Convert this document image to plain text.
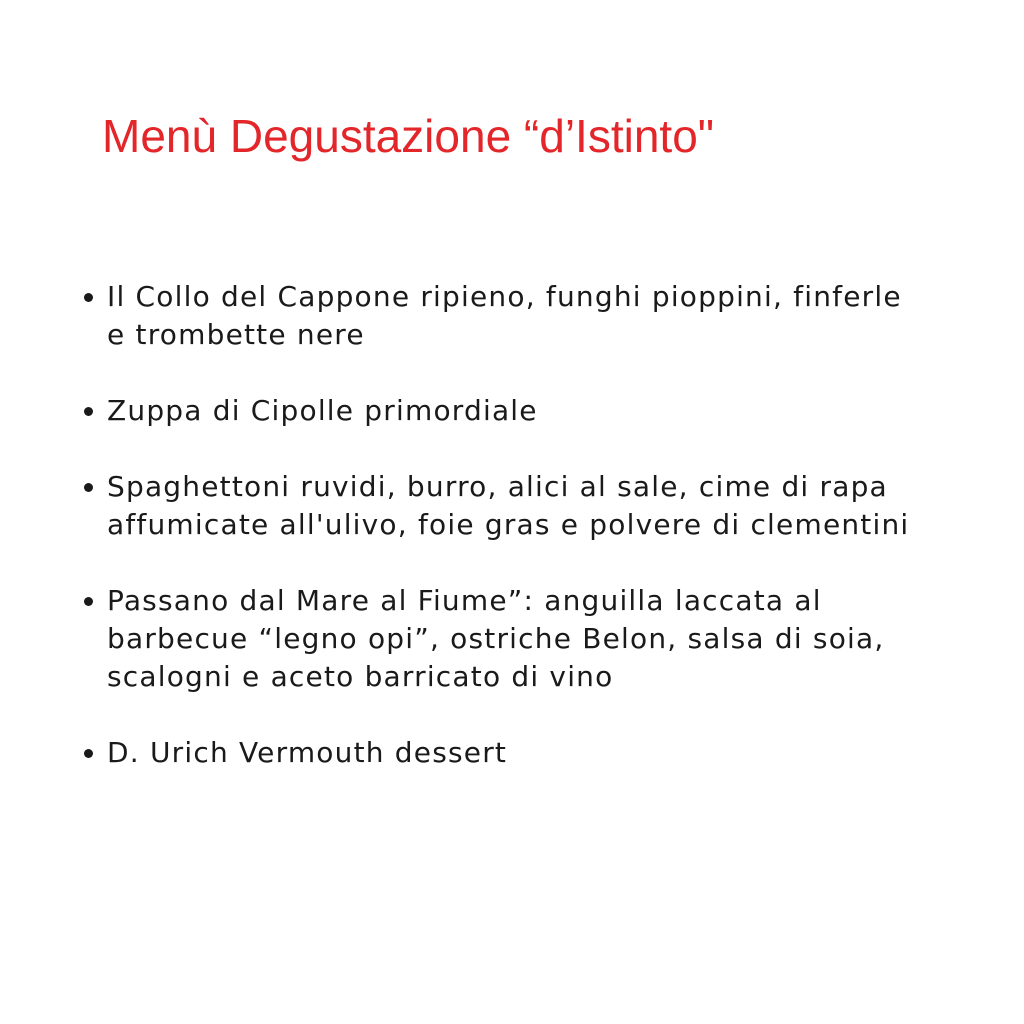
Menù Degustazione “d’Istinto"
Il Collo del Cappone ripieno, funghi pioppini, finferle e trombette nere
Zuppa di Cipolle primordiale
Spaghettoni ruvidi, burro, alici al sale, cime di rapa affumicate all'ulivo, foie gras e polvere di clementini
Passano dal Mare al Fiume”: anguilla laccata al barbecue “legno opi”, ostriche Belon, salsa di soia, scalogni e aceto barricato di vino
D. Urich Vermouth dessert
